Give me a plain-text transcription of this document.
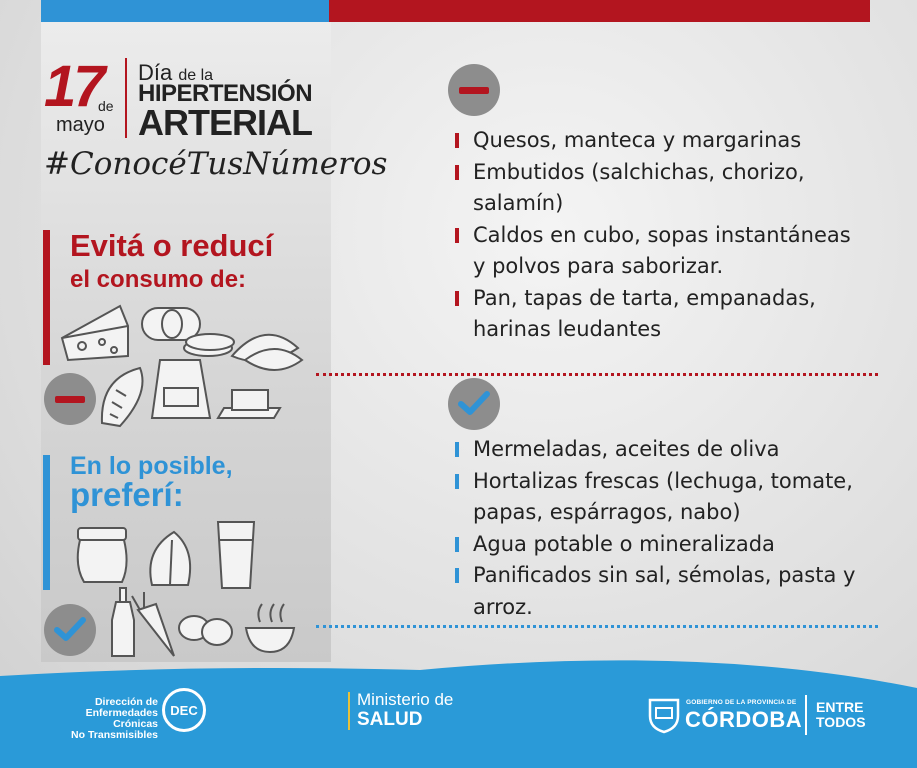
17
de
mayo
Día de la
HIPERTENSIÓN
ARTERIAL
#ConocéTusNúmeros
Evitá o reducí
el consumo de:
En lo posible,
preferí:
Quesos, manteca y margarinas
Embutidos (salchichas, chorizo,
salamín)
Caldos en cubo, sopas instantáneas
y polvos para saborizar.
Pan, tapas de tarta, empanadas,
harinas leudantes
Mermeladas, aceites de oliva
Hortalizas frescas (lechuga, tomate,
papas, espárragos, nabo)
Agua potable o mineralizada
Panificados sin sal, sémolas, pasta y
arroz.
Dirección de
Enfermedades Crónicas
No Transmisibles
DEC
Ministerio de
SALUD
GOBIERNO DE LA PROVINCIA DE
CÓRDOBA ENTRE
TODOS
